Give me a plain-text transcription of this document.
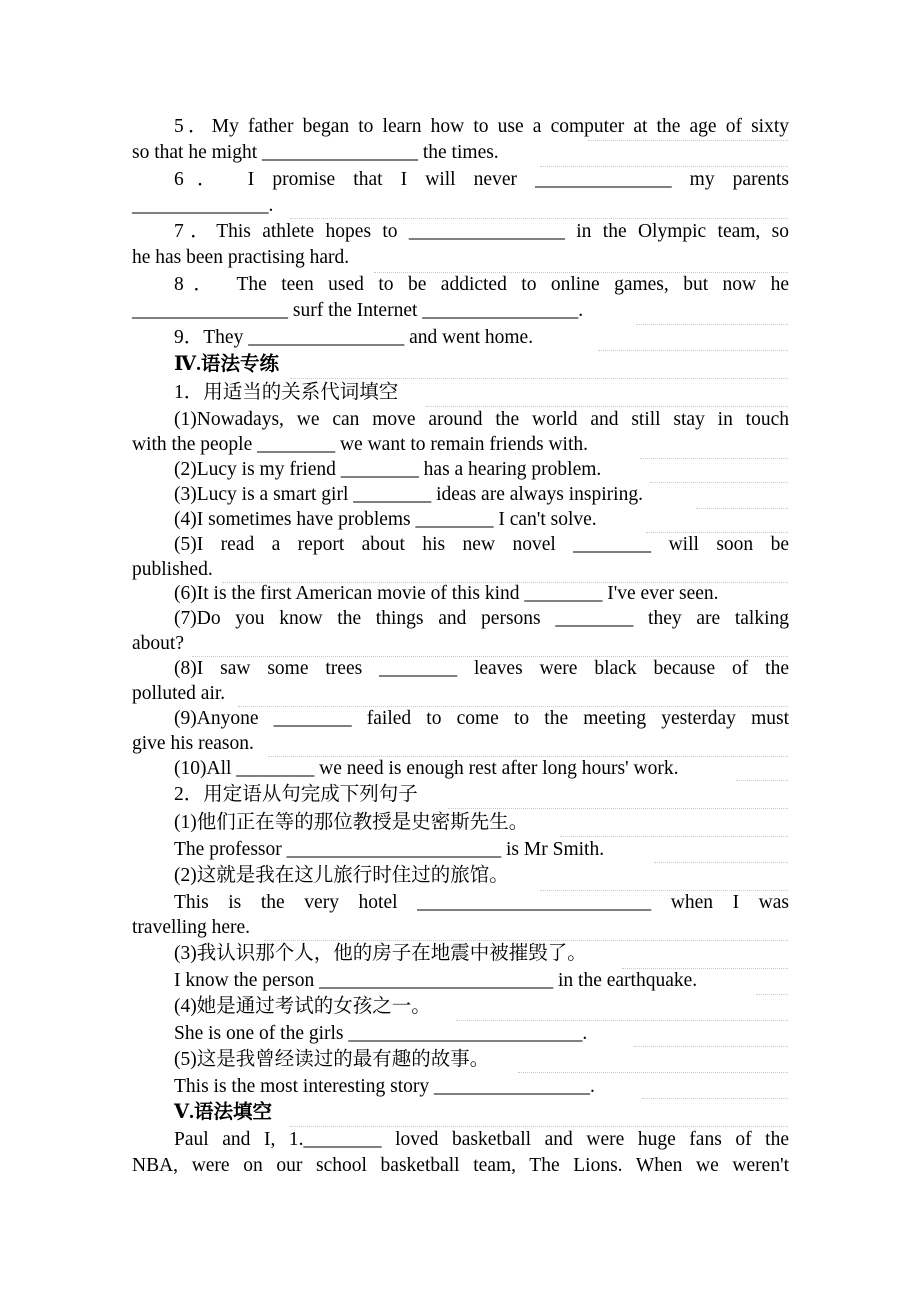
5．My father began to learn how to use a computer at the age of sixty
so that he might ________________ the times.
6． I promise that I will never ______________ my parents
______________.
7．This athlete hopes to ________________ in the Olympic team, so
he has been practising hard.
8． The teen used to be addicted to online games, but now he
________________ surf the Internet ________________.
9．They ________________ and went home.
Ⅳ.语法专练
1．用适当的关系代词填空
(1)Nowadays, we can move around the world and still stay in touch
with the people ________ we want to remain friends with.
(2)Lucy is my friend ________ has a hearing problem.
(3)Lucy is a smart girl ________ ideas are always inspiring.
(4)I sometimes have problems ________ I can't solve.
(5)I read a report about his new novel ________ will soon be
published.
(6)It is the first American movie of this kind ________ I've ever seen.
(7)Do you know the things and persons ________ they are talking
about?
(8)I saw some trees ________ leaves were black because of the
polluted air.
(9)Anyone ________ failed to come to the meeting yesterday must
give his reason.
(10)All ________ we need is enough rest after long hours' work.
2．用定语从句完成下列句子
(1)他们正在等的那位教授是史密斯先生。
The professor ______________________ is Mr Smith.
(2)这就是我在这儿旅行时住过的旅馆。
This is the very hotel ________________________ when I was
travelling here.
(3)我认识那个人，他的房子在地震中被摧毁了。
I know the person ________________________ in the earthquake.
(4)她是通过考试的女孩之一。
She is one of the girls ________________________.
(5)这是我曾经读过的最有趣的故事。
This is the most interesting story ________________.
Ⅴ.语法填空
Paul and I, 1.________ loved basketball and were huge fans of the
NBA, were on our school basketball team, The Lions. When we weren't
